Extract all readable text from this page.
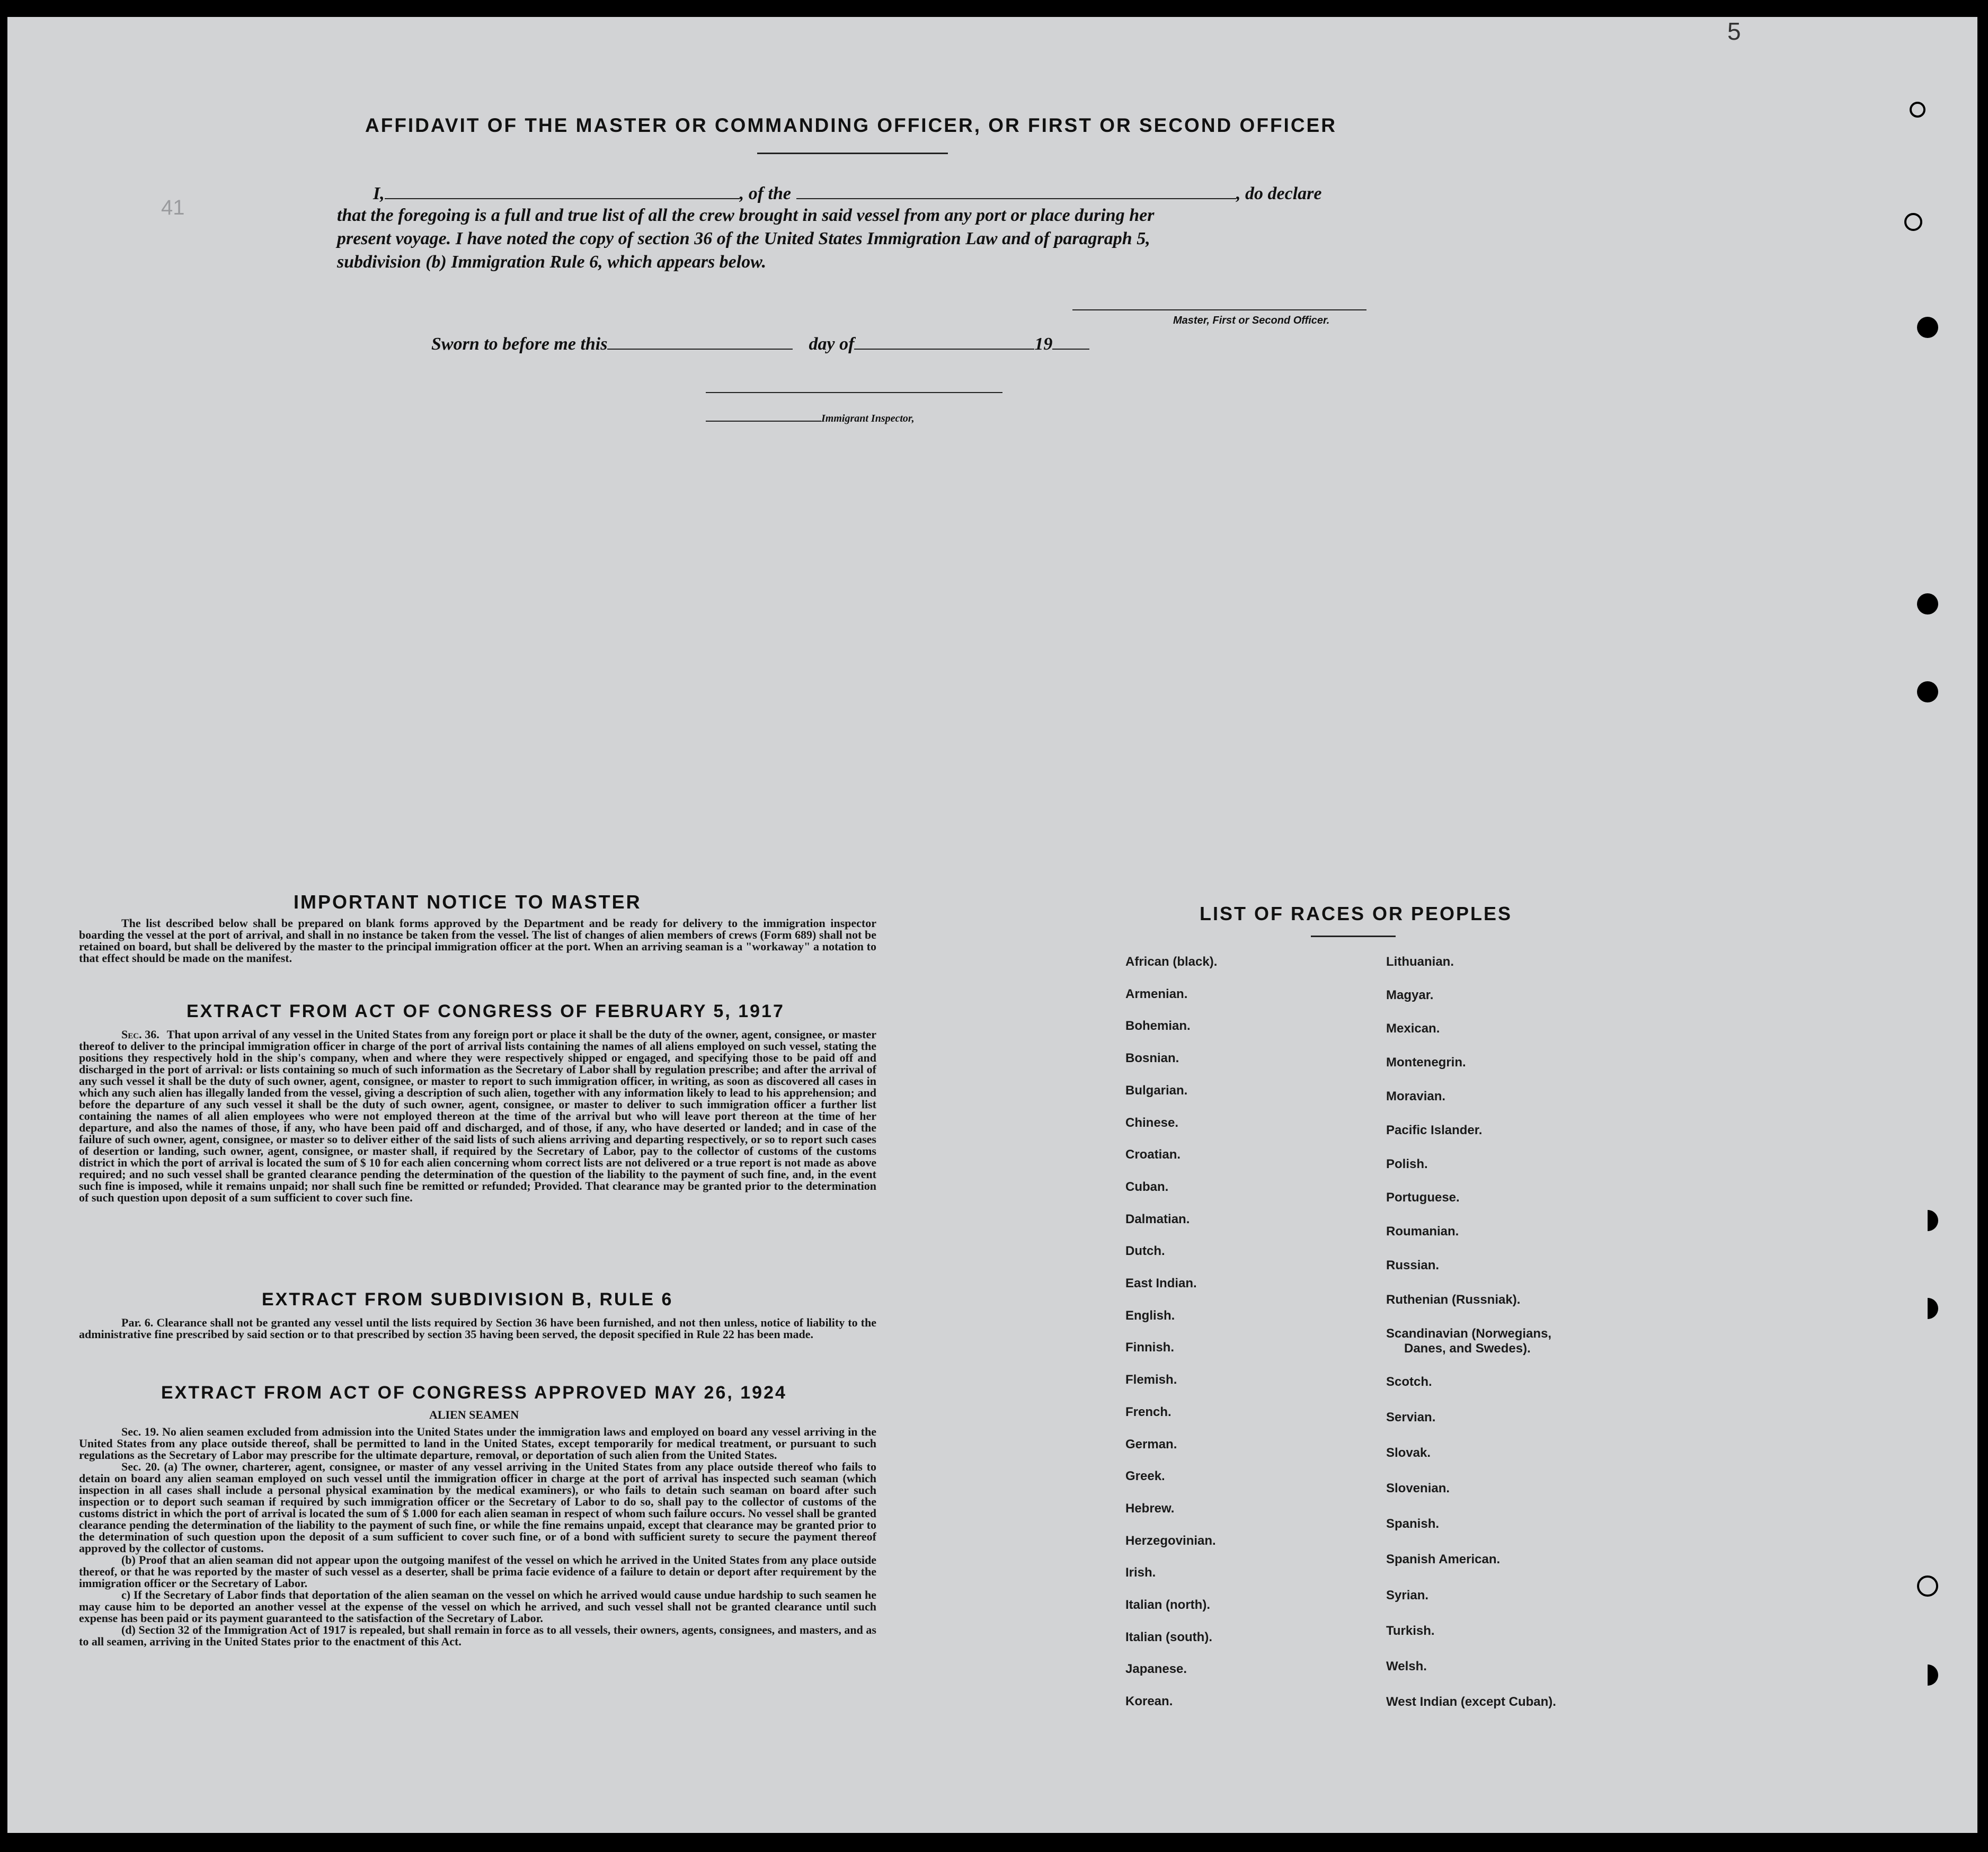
5
41
AFFIDAVIT OF THE MASTER OR COMMANDING OFFICER, OR FIRST OR SECOND OFFICER
I,	, of the	, do declare
that the foregoing is a full and true list of all the crew brought in said vessel from any port or place during her
present voyage. I have noted the copy of section 36 of the United States Immigration Law and of paragraph 5,
subdivision (b) Immigration Rule 6, which appears below.
Master, First or Second Officer.
Sworn to before me this	day of	19
Immigrant Inspector,
IMPORTANT NOTICE TO MASTER

The list described below shall be prepared on blank forms approved by the Department and be ready for delivery to the immigration inspector boarding the vessel at the port of arrival, and shall in no instance be taken from the vessel. The list of changes of alien members of crews (Form 689) shall not be retained on board, but shall be delivered by the master to the principal immigration officer at the port. When an arriving seaman is a "workaway" a notation to that effect should be made on the manifest.

EXTRACT FROM ACT OF CONGRESS OF FEBRUARY 5, 1917

Sec. 36. That upon arrival of any vessel in the United States from any foreign port or place it shall be the duty of the owner, agent, consignee, or master thereof to deliver to the principal immigration officer in charge of the port of arrival lists containing the names of all aliens employed on such vessel, stating the positions they respectively hold in the ship's company, when and where they were respectively shipped or engaged, and specifying those to be paid off and discharged in the port of arrival: or lists containing so much of such information as the Secretary of Labor shall by regulation prescribe; and after the arrival of any such vessel it shall be the duty of such owner, agent, consignee, or master to report to such immigration officer, in writing, as soon as discovered all cases in which any such alien has illegally landed from the vessel, giving a description of such alien, together with any information likely to lead to his apprehension; and before the departure of any such vessel it shall be the duty of such owner, agent, consignee, or master to deliver to such immigration officer a further list containing the names of all alien employees who were not employed thereon at the time of the arrival but who will leave port thereon at the time of her departure, and also the names of those, if any, who have been paid off and discharged, and of those, if any, who have deserted or landed; and in case of the failure of such owner, agent, consignee, or master so to deliver either of the said lists of such aliens arriving and departing respectively, or so to report such cases of desertion or landing, such owner, agent, consignee, or master shall, if required by the Secretary of Labor, pay to the collector of customs of the customs district in which the port of arrival is located the sum of $ 10 for each alien concerning whom correct lists are not delivered or a true report is not made as above required; and no such vessel shall be granted clearance pending the determination of the question of the liability to the payment of such fine, and, in the event such fine is imposed, while it remains unpaid; nor shall such fine be remitted or refunded; Provided. That clearance may be granted prior to the determination of such question upon deposit of a sum sufficient to cover such fine.

EXTRACT FROM SUBDIVISION B, RULE 6

Par. 6. Clearance shall not be granted any vessel until the lists required by Section 36 have been furnished, and not then unless, notice of liability to the administrative fine prescribed by said section or to that prescribed by section 35 having been served, the deposit specified in Rule 22 has been made.

EXTRACT FROM ACT OF CONGRESS APPROVED MAY 26, 1924
ALIEN SEAMEN

Sec. 19. No alien seamen excluded from admission into the United States under the immigration laws and employed on board any vessel arriving in the United States from any place outside thereof, shall be permitted to land in the United States, except temporarily for medical treatment, or pursuant to such regulations as the Secretary of Labor may prescribe for the ultimate departure, removal, or deportation of such alien from the United States.

Sec. 20. (a) The owner, charterer, agent, consignee, or master of any vessel arriving in the United States from any place outside thereof who fails to detain on board any alien seaman employed on such vessel until the immigration officer in charge at the port of arrival has inspected such seaman (which inspection in all cases shall include a personal physical examination by the medical examiners), or who fails to detain such seaman on board after such inspection or to deport such seaman if required by such immigration officer or the Secretary of Labor to do so, shall pay to the collector of customs of the customs district in which the port of arrival is located the sum of $ 1.000 for each alien seaman in respect of whom such failure occurs. No vessel shall be granted clearance pending the determination of the liability to the payment of such fine, or while the fine remains unpaid, except that clearance may be granted prior to the determination of such question upon the deposit of a sum sufficient to cover such fine, or of a bond with sufficient surety to secure the payment thereof approved by the collector of customs.

(b) Proof that an alien seaman did not appear upon the outgoing manifest of the vessel on which he arrived in the United States from any place outside thereof, or that he was reported by the master of such vessel as a deserter, shall be prima facie evidence of a failure to detain or deport after requirement by the immigration officer or the Secretary of Labor.

c) If the Secretary of Labor finds that deportation of the alien seaman on the vessel on which he arrived would cause undue hardship to such seamen he may cause him to be deported an another vessel at the expense of the vessel on which he arrived, and such vessel shall not be granted clearance until such expense has been paid or its payment guaranteed to the satisfaction of the Secretary of Labor.

(d) Section 32 of the Immigration Act of 1917 is repealed, but shall remain in force as to all vessels, their owners, agents, consignees, and masters, and as to all seamen, arriving in the United States prior to the enactment of this Act.

LIST OF RACES OR PEOPLES
African (black).
Armenian.
Bohemian.
Bosnian.
Bulgarian.
Chinese.
Croatian.
Cuban.
Dalmatian.
Dutch.
East Indian.
English.
Finnish.
Flemish.
French.
German.
Greek.
Hebrew.
Herzegovinian.
Irish.
Italian (north).
Italian (south).
Japanese.
Korean.
Lithuanian.
Magyar.
Mexican.
Montenegrin.
Moravian.
Pacific Islander.
Polish.
Portuguese.
Roumanian.
Russian.
Ruthenian (Russniak).
Scandinavian (Norwegians,
Danes, and Swedes).
Scotch.
Servian.
Slovak.
Slovenian.
Spanish.
Spanish American.
Syrian.
Turkish.
Welsh.
West Indian (except Cuban).
